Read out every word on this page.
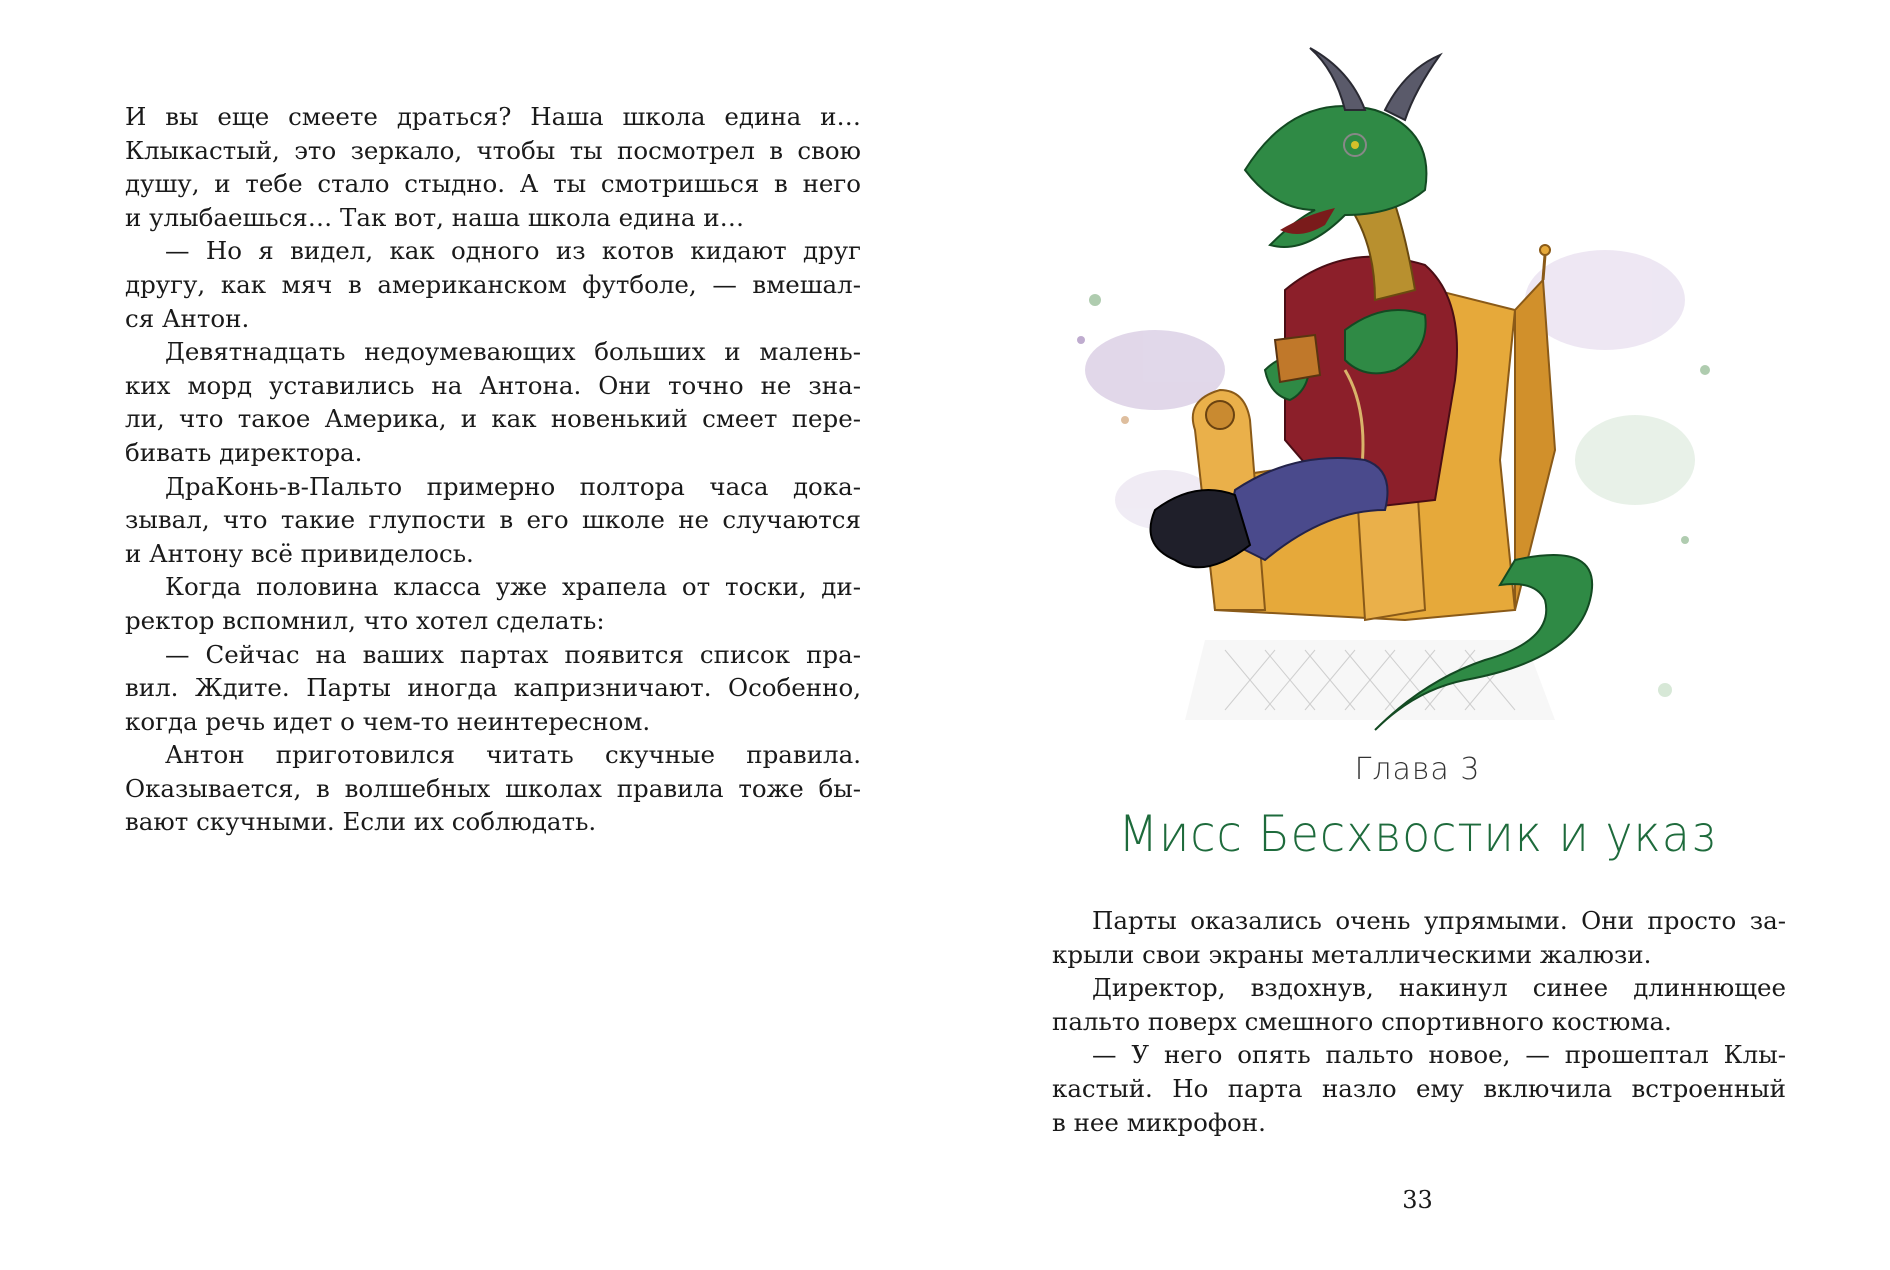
И вы еще смеете драться? Наша школа едина и…
Клыкастый, это зеркало, чтобы ты посмотрел в свою
душу, и тебе стало стыдно. А ты смотришься в него
и улыбаешься… Так вот, наша школа едина и…
— Но я видел, как одного из котов кидают друг
другу, как мяч в американском футболе, — вмешал-
ся Антон.
Девятнадцать недоумевающих больших и малень-
ких морд уставились на Антона. Они точно не зна-
ли, что такое Америка, и как новенький смеет пере-
бивать директора.
ДраКонь-в-Пальто примерно полтора часа дока-
зывал, что такие глупости в его школе не случаются
и Антону всё привиделось.
Когда половина класса уже храпела от тоски, ди-
ректор вспомнил, что хотел сделать:
— Сейчас на ваших партах появится список пра-
вил. Ждите. Парты иногда капризничают. Особенно,
когда речь идет о чем-то неинтересном.
Антон приготовился читать скучные правила.
Оказывается, в волшебных школах правила тоже бы-
вают скучными. Если их соблюдать.
Глава 3
Мисс Бесхвостик и указ
Парты оказались очень упрямыми. Они просто за-
крыли свои экраны металлическими жалюзи.
Директор, вздохнув, накинул синее длиннющее
пальто поверх смешного спортивного костюма.
— У него опять пальто новое, — прошептал Клы-
кастый. Но парта назло ему включила встроенный
в нее микрофон.
33
